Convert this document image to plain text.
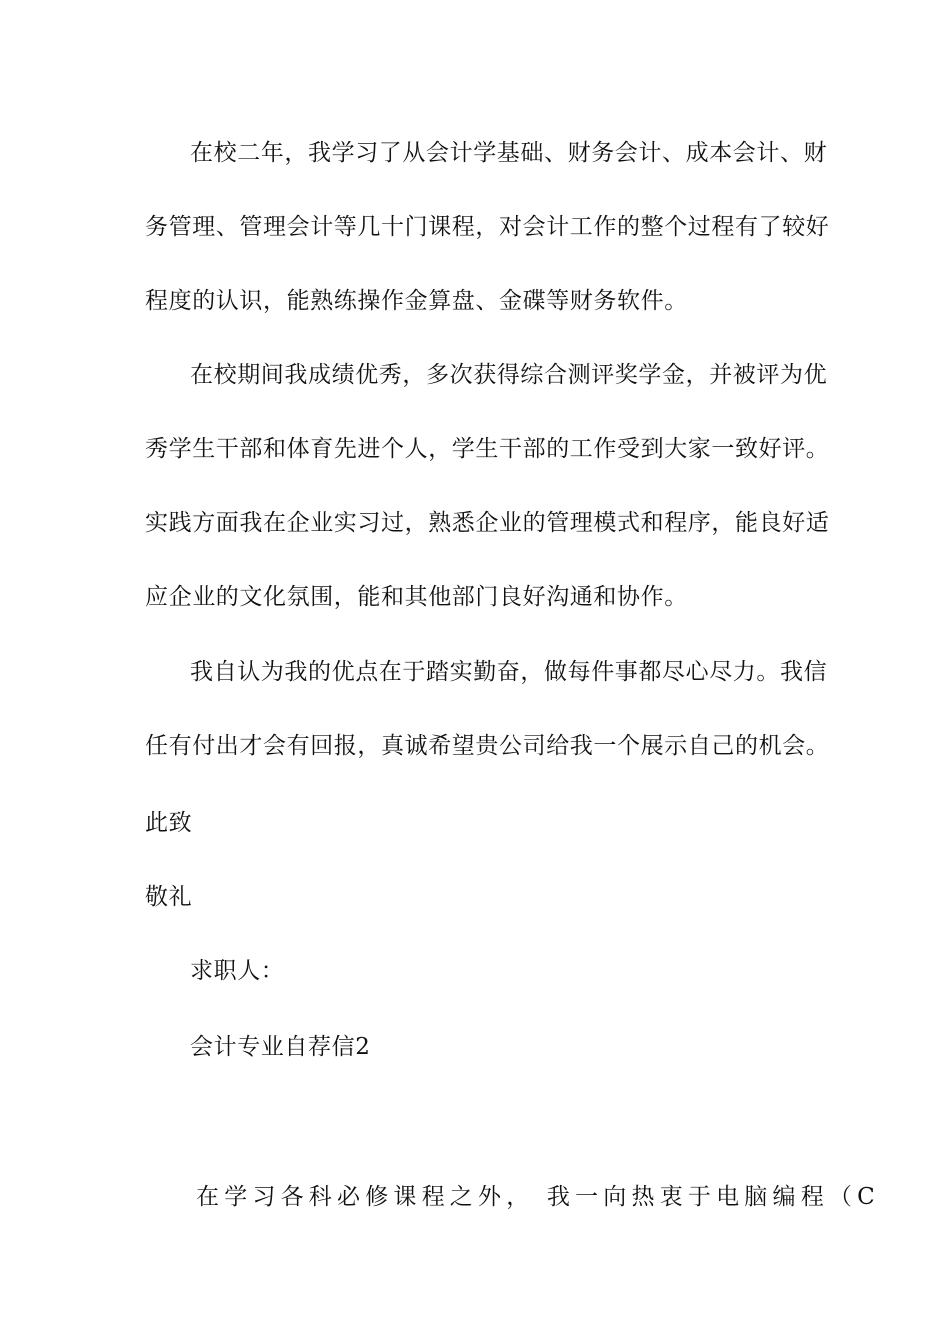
在校二年，我学习了从会计学基础、财务会计、成本会计、财
务管理、管理会计等几十门课程，对会计工作的整个过程有了较好
程度的认识，能熟练操作金算盘、金碟等财务软件。
在校期间我成绩优秀，多次获得综合测评奖学金，并被评为优
秀学生干部和体育先进个人，学生干部的工作受到大家一致好评。
实践方面我在企业实习过，熟悉企业的管理模式和程序，能良好适
应企业的文化氛围，能和其他部门良好沟通和协作。
我自认为我的优点在于踏实勤奋，做每件事都尽心尽力。我信
任有付出才会有回报，真诚希望贵公司给我一个展示自己的机会。
此致
敬礼
求职人：
会计专业自荐信2
在学习各科必修课程之外， 我一向热衷于电脑编程（C
